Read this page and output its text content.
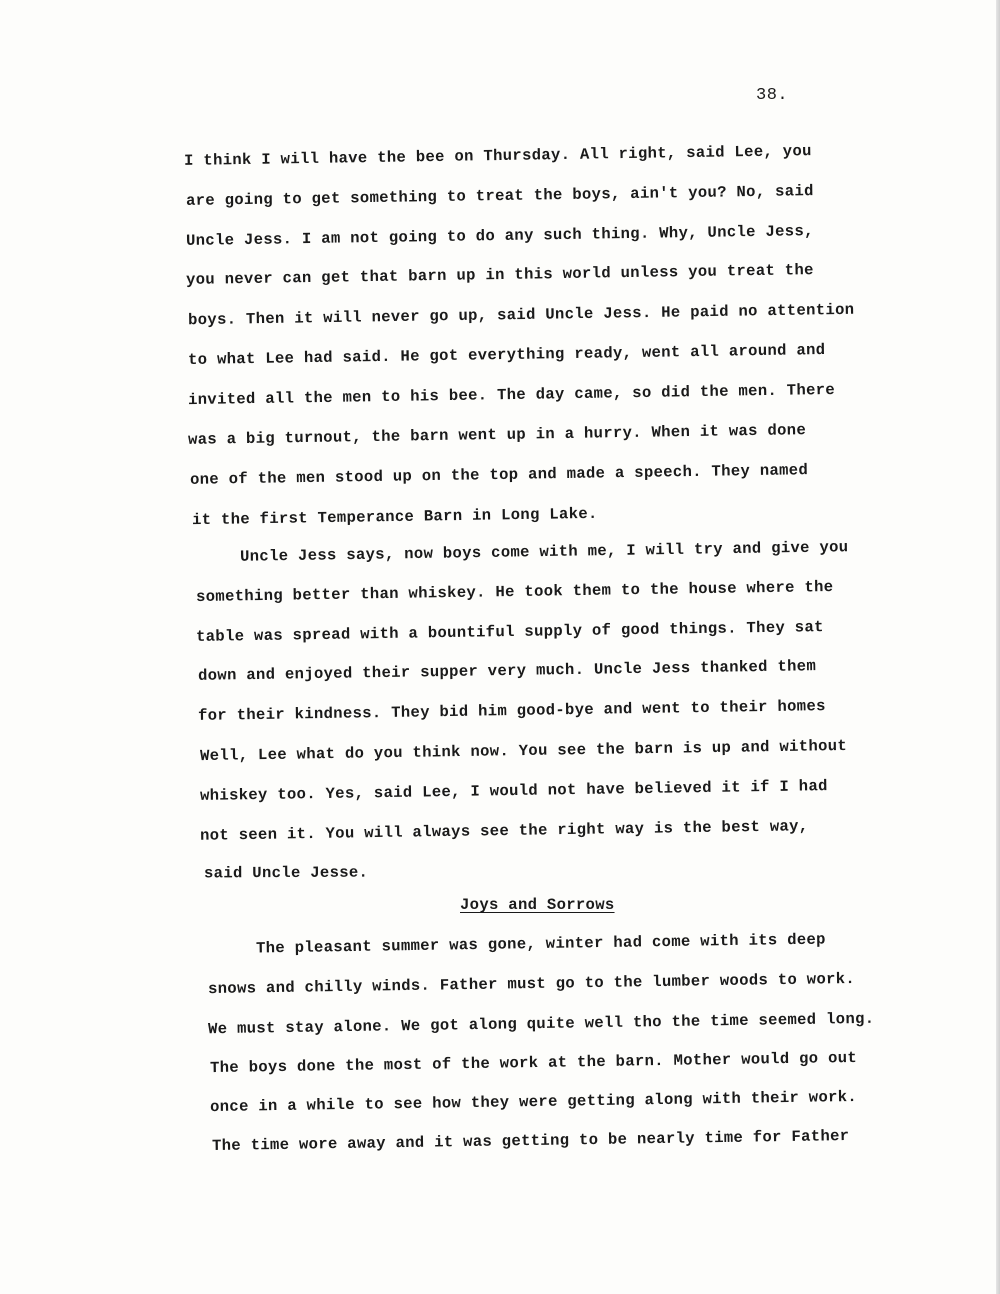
38.
I think I will have the bee on Thursday. All right, said Lee, you
are going to get something to treat the boys, ain't you? No, said
Uncle Jess. I am not going to do any such thing. Why, Uncle Jess,
you never can get that barn up in this world unless you treat the
boys. Then it will never go up, said Uncle Jess. He paid no attention
to what Lee had said. He got everything ready, went all around and
invited all the men to his bee. The day came, so did the men. There
was a big turnout, the barn went up in a hurry. When it was done
one of the men stood up on the top and made a speech. They named
it the first Temperance Barn in Long Lake.
Uncle Jess says, now boys come with me, I will try and give you
something better than whiskey. He took them to the house where the
table was spread with a bountiful supply of good things. They sat
down and enjoyed their supper very much. Uncle Jess thanked them
for their kindness. They bid him good-bye and went to their homes
Well, Lee what do you think now. You see the barn is up and without
whiskey too. Yes, said Lee, I would not have believed it if I had
not seen it. You will always see the right way is the best way,
said Uncle Jesse.
Joys and Sorrows
The pleasant summer was gone, winter had come with its deep
snows and chilly winds. Father must go to the lumber woods to work.
We must stay alone. We got along quite well tho the time seemed long.
The boys done the most of the work at the barn. Mother would go out
once in a while to see how they were getting along with their work.
The time wore away and it was getting to be nearly time for Father
